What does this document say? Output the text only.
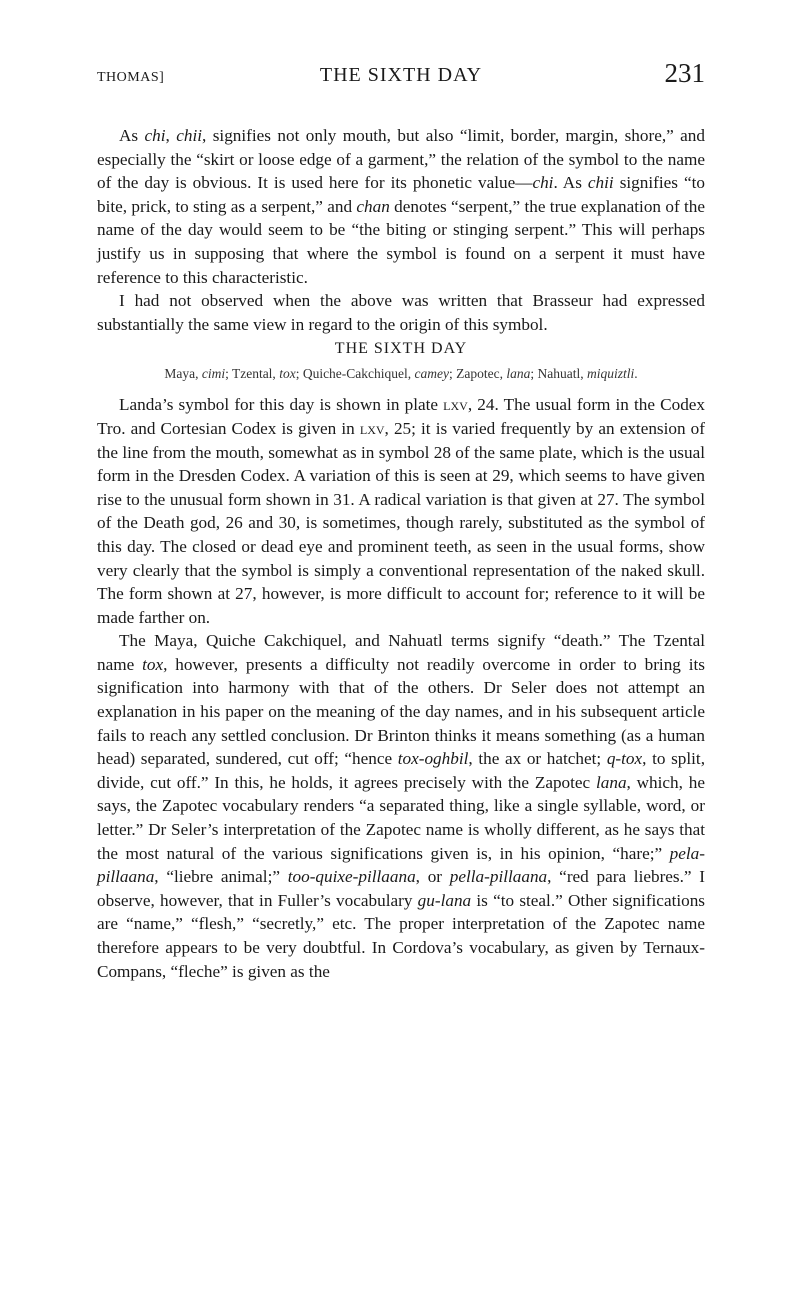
THOMAS]	THE SIXTH DAY	231

As chi, chii, signifies not only mouth, but also “limit, border, margin, shore,” and especially the “skirt or loose edge of a garment,” the relation of the symbol to the name of the day is obvious. It is used here for its phonetic value—chi. As chii signifies “to bite, prick, to sting as a serpent,” and chan denotes “serpent,” the true explanation of the name of the day would seem to be “the biting or stinging serpent.” This will perhaps justify us in supposing that where the symbol is found on a serpent it must have reference to this characteristic.

I had not observed when the above was written that Brasseur had expressed substantially the same view in regard to the origin of this symbol.

THE SIXTH DAY
Maya, cimi; Tzental, tox; Quiche-Cakchiquel, camey; Zapotec, lana; Nahuatl, miquiztli.

Landa’s symbol for this day is shown in plate lxv, 24. The usual form in the Codex Tro. and Cortesian Codex is given in lxv, 25; it is varied frequently by an extension of the line from the mouth, somewhat as in symbol 28 of the same plate, which is the usual form in the Dresden Codex. A variation of this is seen at 29, which seems to have given rise to the unusual form shown in 31. A radical variation is that given at 27. The symbol of the Death god, 26 and 30, is sometimes, though rarely, substituted as the symbol of this day. The closed or dead eye and prominent teeth, as seen in the usual forms, show very clearly that the symbol is simply a conventional representation of the naked skull. The form shown at 27, however, is more difficult to account for; reference to it will be made farther on.

The Maya, Quiche Cakchiquel, and Nahuatl terms signify “death.” The Tzental name tox, however, presents a difficulty not readily overcome in order to bring its signification into harmony with that of the others. Dr Seler does not attempt an explanation in his paper on the meaning of the day names, and in his subsequent article fails to reach any settled conclusion. Dr Brinton thinks it means something (as a human head) separated, sundered, cut off; “hence tox-oghbil, the ax or hatchet; q-tox, to split, divide, cut off.” In this, he holds, it agrees precisely with the Zapotec lana, which, he says, the Zapotec vocabulary renders “a separated thing, like a single syllable, word, or letter.” Dr Seler’s interpretation of the Zapotec name is wholly different, as he says that the most natural of the various significations given is, in his opinion, “hare;” pela-pillaana, “liebre animal;” too-quixe-pillaana, or pella-pillaana, “red para liebres.” I observe, however, that in Fuller’s vocabulary gu-lana is “to steal.” Other significations are “name,” “flesh,” “secretly,” etc. The proper interpretation of the Zapotec name therefore appears to be very doubtful. In Cordova’s vocabulary, as given by Ternaux-Compans, “fleche” is given as the
